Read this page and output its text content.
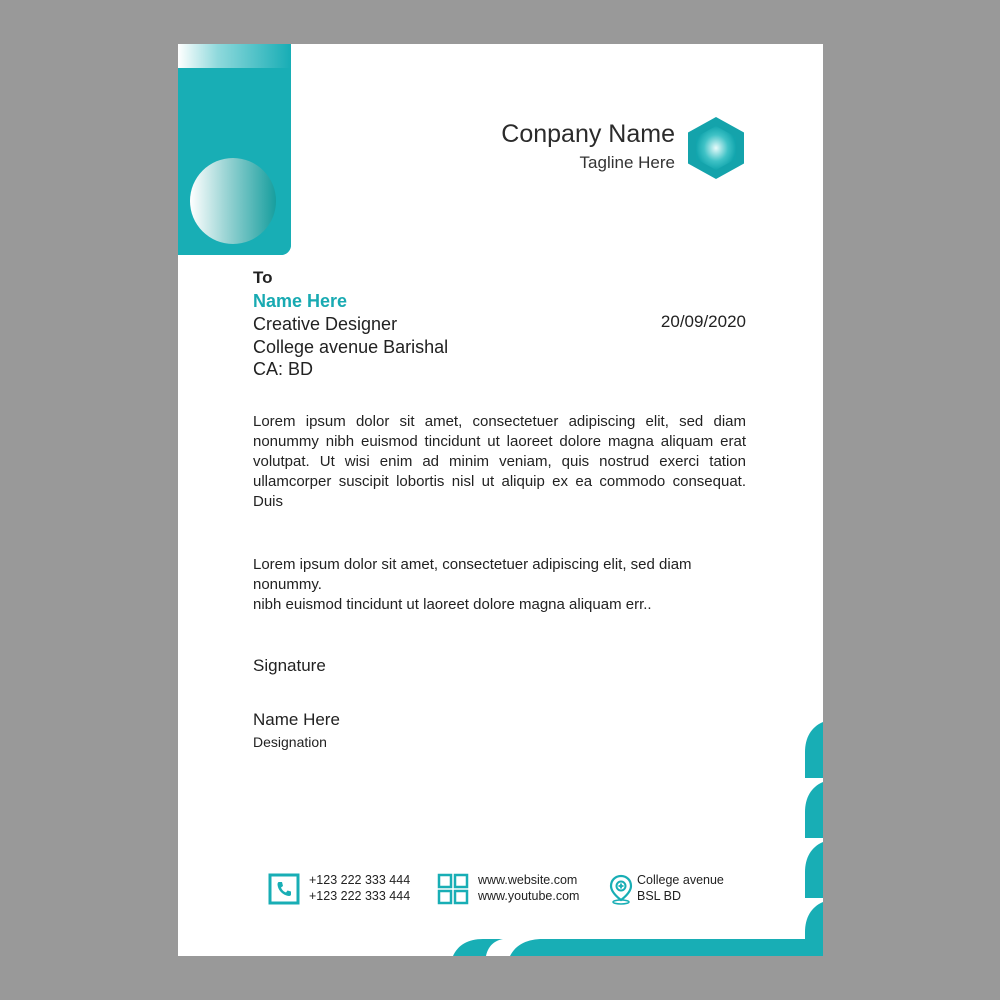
Conpany Name
Tagline Here
To
Name Here
Creative Designer
College avenue Barishal
CA: BD
20/09/2020
Lorem ipsum dolor sit amet, consectetuer adipiscing elit, sed diam nonummy nibh euismod tincidunt ut laoreet dolore magna aliquam erat volutpat. Ut wisi enim ad minim veniam, quis nostrud exerci tation ullamcorper suscipit lobortis nisl ut aliquip ex ea commodo consequat. Duis
Lorem ipsum dolor sit amet, consectetuer adipiscing elit, sed diam nonummy.
nibh euismod tincidunt ut laoreet dolore magna aliquam err..
Signature
Name Here
Designation
+123 222 333 444
+123 222 333 444
www.website.com
www.youtube.com
College avenue
BSL BD
